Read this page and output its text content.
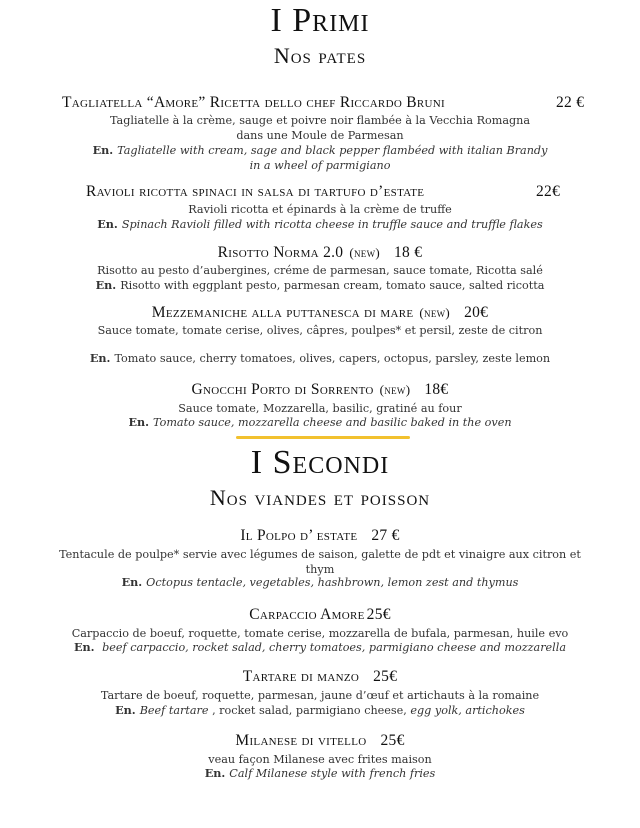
I Primi
Nos pates
Tagliatella “Amore” Ricetta dello chef Riccardo Bruni	22 €
Tagliatelle à la crème, sauge et poivre noir flambée à la Vecchia Romagna
dans une Moule de Parmesan
En. Tagliatelle with cream, sage and black pepper flambéed with italian Brandy
in a wheel of parmigiano
Ravioli ricotta spinaci in salsa di tartufo d’estate	22€
Ravioli ricotta et épinards à la crème de truffe
En. Spinach Ravioli filled with ricotta cheese in truffle sauce and truffle flakes
Risotto Norma 2.0 (new) 18 €
Risotto au pesto d’aubergines, créme de parmesan, sauce tomate, Ricotta salé
En. Risotto with eggplant pesto, parmesan cream, tomato sauce, salted ricotta
Mezzemaniche alla puttanesca di mare (new) 20€
Sauce tomate, tomate cerise, olives, câpres, poulpes* et persil, zeste de citron
En. Tomato sauce, cherry tomatoes, olives, capers, octopus, parsley, zeste lemon
Gnocchi Porto di Sorrento (new) 18€
Sauce tomate, Mozzarella, basilic, gratiné au four
En. Tomato sauce, mozzarella cheese and basilic baked in the oven
I Secondi
Nos viandes et poisson
Il Polpo d’ estate 27 €
Tentacule de poulpe* servie avec légumes de saison, galette de pdt et vinaigre aux citron et
thym
En. Octopus tentacle, vegetables, hashbrown, lemon zest and thymus
Carpaccio Amore 25€
Carpaccio de boeuf, roquette, tomate cerise, mozzarella de bufala, parmesan, huile evo
En. beef carpaccio, rocket salad, cherry tomatoes, parmigiano cheese and mozzarella
Tartare di manzo 25€
Tartare de boeuf, roquette, parmesan, jaune d’œuf et artichauts à la romaine
En. Beef tartare , rocket salad, parmigiano cheese, egg yolk, artichokes
Milanese di vitello 25€
veau façon Milanese avec frites maison
En. Calf Milanese style with french fries
